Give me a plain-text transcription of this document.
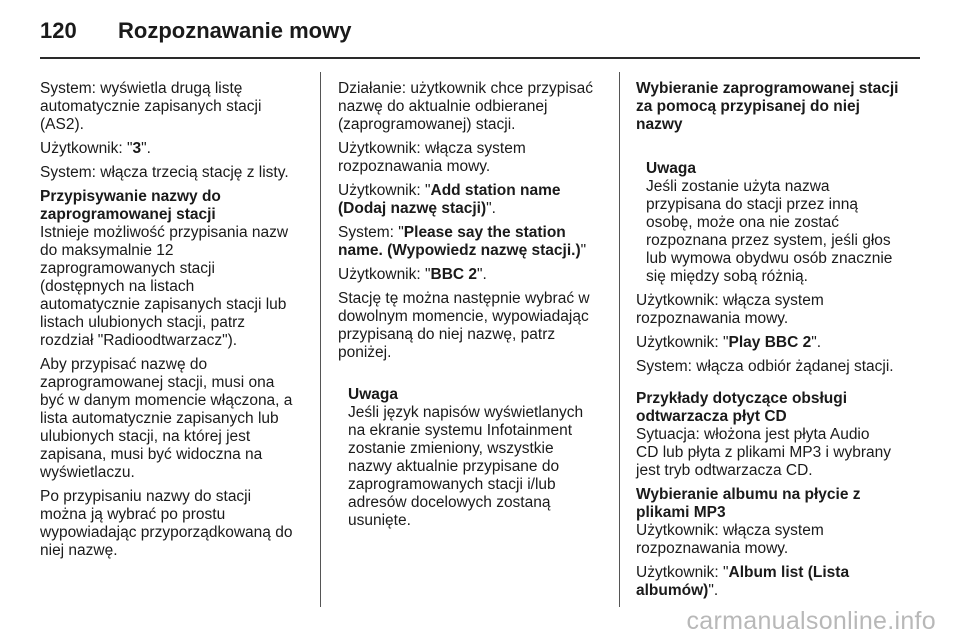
120	Rozpoznawanie mowy

System: wyświetla drugą listę
automatycznie zapisanych stacji
(AS2).

Użytkownik: "3".

System: włącza trzecią stację z listy.

Przypisywanie nazwy do
zaprogramowanej stacji

Istnieje możliwość przypisania nazw
do maksymalnie 12
zaprogramowanych stacji
(dostępnych na listach
automatycznie zapisanych stacji lub
listach ulubionych stacji, patrz
rozdział "Radioodtwarzacz").

Aby przypisać nazwę do
zaprogramowanej stacji, musi ona
być w danym momencie włączona, a
lista automatycznie zapisanych lub
ulubionych stacji, na której jest
zapisana, musi być widoczna na
wyświetlaczu.

Po przypisaniu nazwy do stacji
można ją wybrać po prostu
wypowiadając przyporządkowaną do
niej nazwę.

Działanie: użytkownik chce przypisać
nazwę do aktualnie odbieranej
(zaprogramowanej) stacji.

Użytkownik: włącza system
rozpoznawania mowy.

Użytkownik: "Add station name
(Dodaj nazwę stacji)".

System: "Please say the station
name. (Wypowiedz nazwę stacji.)"

Użytkownik: "BBC 2".

Stację tę można następnie wybrać w
dowolnym momencie, wypowiadając
przypisaną do niej nazwę, patrz
poniżej.

Uwaga
Jeśli język napisów wyświetlanych
na ekranie systemu Infotainment
zostanie zmieniony, wszystkie
nazwy aktualnie przypisane do
zaprogramowanych stacji i/lub
adresów docelowych zostaną
usunięte.

Wybieranie zaprogramowanej stacji
za pomocą przypisanej do niej nazwy

Uwaga
Jeśli zostanie użyta nazwa
przypisana do stacji przez inną
osobę, może ona nie zostać
rozpoznana przez system, jeśli głos
lub wymowa obydwu osób znacznie
się między sobą różnią.

Użytkownik: włącza system
rozpoznawania mowy.

Użytkownik: "Play BBC 2".

System: włącza odbiór żądanej stacji.

Przykłady dotyczące obsługi
odtwarzacza płyt CD

Sytuacja: włożona jest płyta Audio
CD lub płyta z plikami MP3 i wybrany
jest tryb odtwarzacza CD.

Wybieranie albumu na płycie z
plikami MP3

Użytkownik: włącza system
rozpoznawania mowy.

Użytkownik: "Album list (Lista
albumów)".

carmanualsonline.info
